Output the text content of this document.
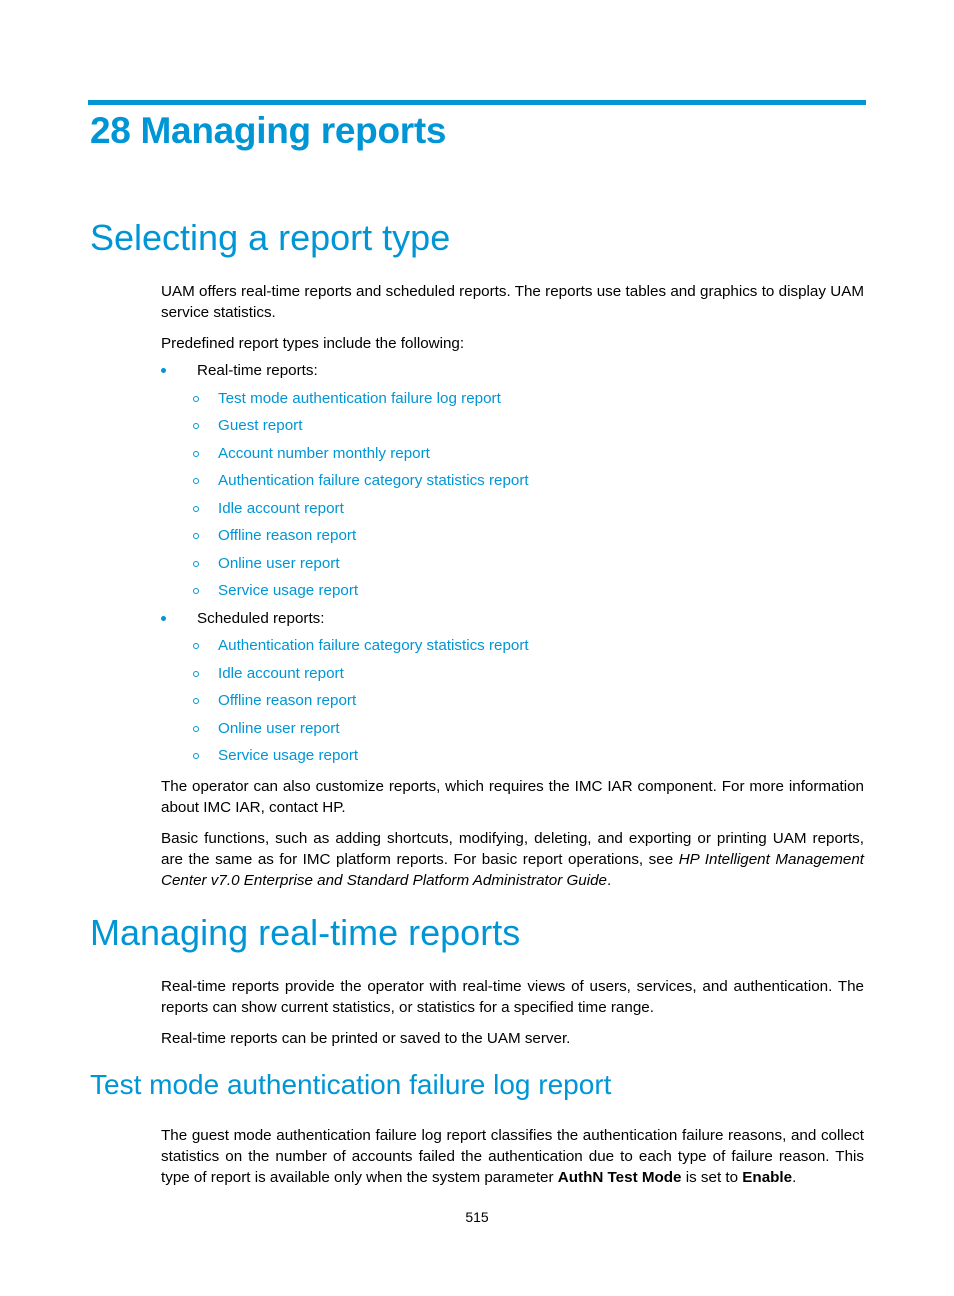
28 Managing reports
Selecting a report type

UAM offers real-time reports and scheduled reports. The reports use tables and graphics to display UAM service statistics.

Predefined report types include the following:

Real-time reports:
Test mode authentication failure log report
Guest report
Account number monthly report
Authentication failure category statistics report
Idle account report
Offline reason report
Online user report
Service usage report
Scheduled reports:
Authentication failure category statistics report
Idle account report
Offline reason report
Online user report
Service usage report

The operator can also customize reports, which requires the IMC IAR component. For more information about IMC IAR, contact HP.

Basic functions, such as adding shortcuts, modifying, deleting, and exporting or printing UAM reports, are the same as for IMC platform reports. For basic report operations, see HP Intelligent Management Center v7.0 Enterprise and Standard Platform Administrator Guide.

Managing real-time reports

Real-time reports provide the operator with real-time views of users, services, and authentication. The reports can show current statistics, or statistics for a specified time range.

Real-time reports can be printed or saved to the UAM server.

Test mode authentication failure log report

The guest mode authentication failure log report classifies the authentication failure reasons, and collect statistics on the number of accounts failed the authentication due to each type of failure reason. This type of report is available only when the system parameter AuthN Test Mode is set to Enable.

515
